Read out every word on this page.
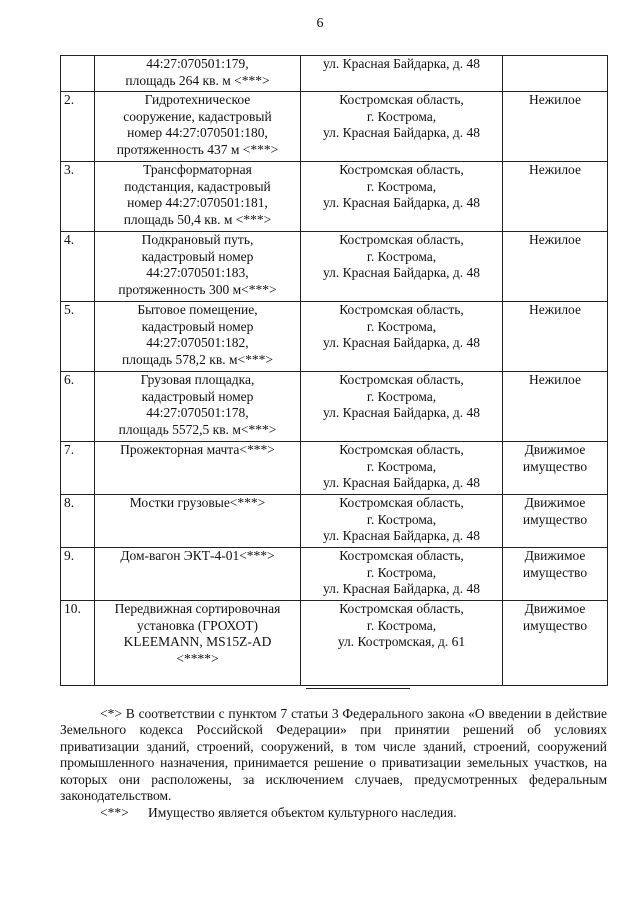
6

	44:27:070501:179,
площадь 264 кв. м <***>	ул. Красная Байдарка, д. 48	

2.	Гидротехническое
сооружение, кадастровый
номер 44:27:070501:180,
протяженность 437 м <***>	Костромская область,
г. Кострома,
ул. Красная Байдарка, д. 48	Нежилое

3.	Трансформаторная
подстанция, кадастровый
номер 44:27:070501:181,
площадь 50,4 кв. м <***>	Костромская область,
г. Кострома,
ул. Красная Байдарка, д. 48	Нежилое

4.	Подкрановый путь,
кадастровый номер
44:27:070501:183,
протяженность 300 м<***>	Костромская область,
г. Кострома,
ул. Красная Байдарка, д. 48	Нежилое

5.	Бытовое помещение,
кадастровый номер
44:27:070501:182,
площадь 578,2 кв. м<***>	Костромская область,
г. Кострома,
ул. Красная Байдарка, д. 48	Нежилое

6.	Грузовая площадка,
кадастровый номер
44:27:070501:178,
площадь 5572,5 кв. м<***>	Костромская область,
г. Кострома,
ул. Красная Байдарка, д. 48	Нежилое

7.	Прожекторная мачта<***>	Костромская область,
г. Кострома,
ул. Красная Байдарка, д. 48	Движимое
имущество

8.	Мостки грузовые<***>	Костромская область,
г. Кострома,
ул. Красная Байдарка, д. 48	Движимое
имущество

9.	Дом-вагон ЭКТ-4-01<***>	Костромская область,
г. Кострома,
ул. Красная Байдарка, д. 48	Движимое
имущество

10.	Передвижная сортировочная
установка (ГРОХОТ)
KLEEMANN, MS15Z-AD
<****>	Костромская область,
г. Кострома,
ул. Костромская, д. 61	Движимое
имущество

<*> В соответствии с пунктом 7 статьи 3 Федерального закона «О введении в действие Земельного кодекса Российской Федерации» при принятии решений об условиях приватизации зданий, строений, сооружений, в том числе зданий, строений, сооружений промышленного назначения, принимается решение о приватизации земельных участков, на которых они расположены, за исключением случаев, предусмотренных федеральным законодательством.

<**> Имущество является объектом культурного наследия.
